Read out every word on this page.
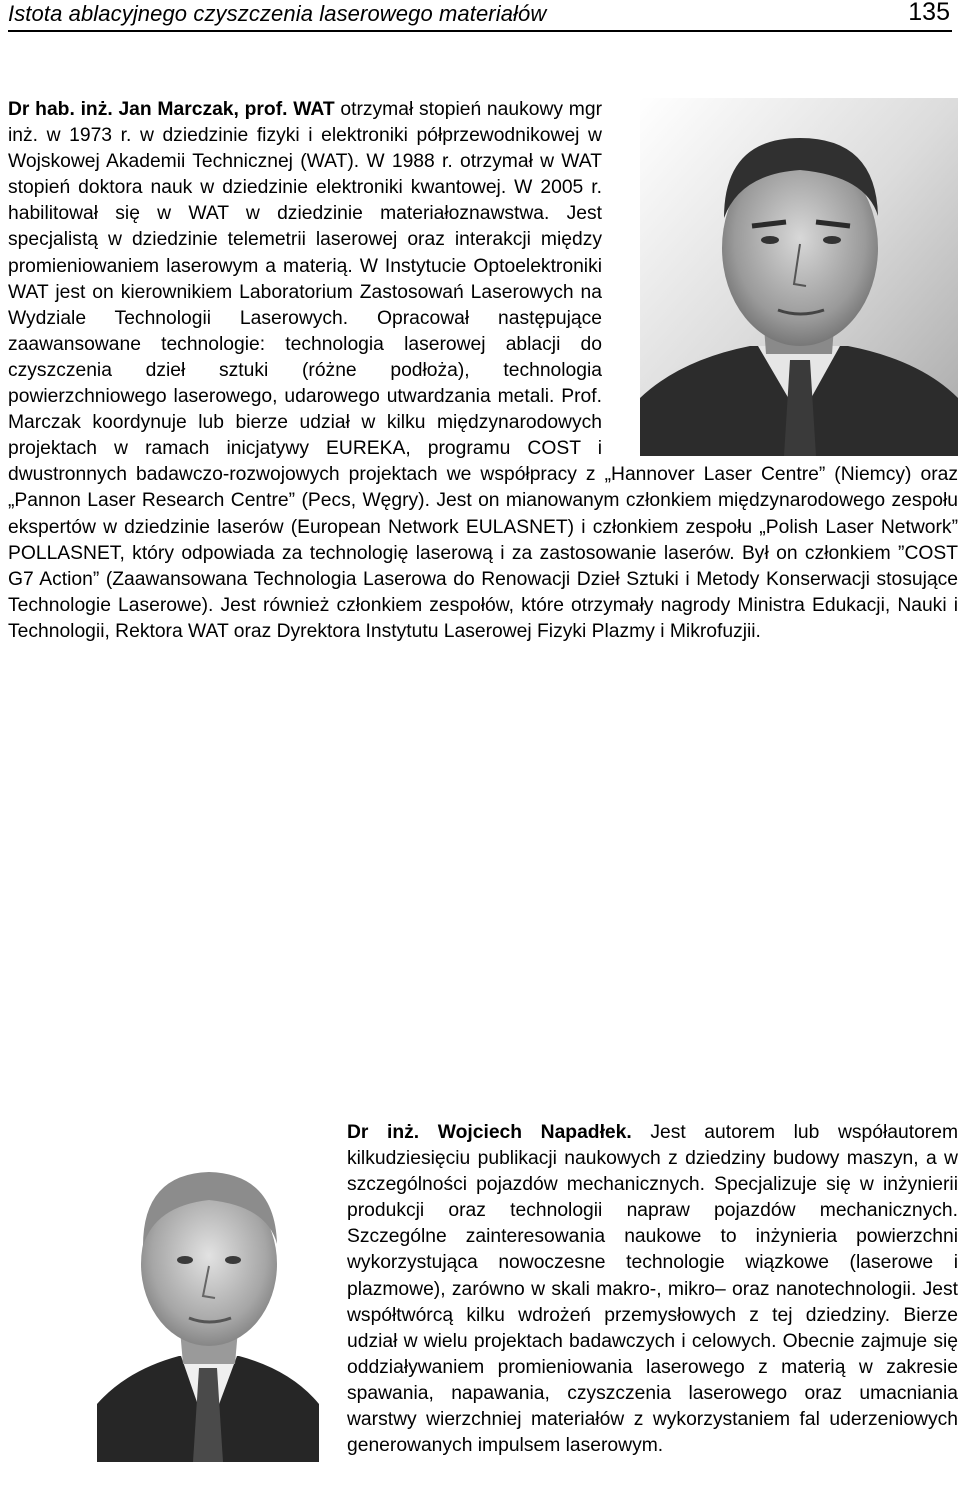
Istota ablacyjnego czyszczenia laserowego materiałów	135
Dr hab. inż. Jan Marczak, prof. WAT otrzymał stopień naukowy mgr inż. w 1973 r. w dziedzinie fizyki i elektroniki półprzewodnikowej w Wojskowej Akademii Technicznej (WAT). W 1988 r. otrzymał w WAT stopień doktora nauk w dziedzinie elektroniki kwantowej. W 2005 r. habilitował się w WAT w dziedzinie materiałoznawstwa. Jest specjalistą w dziedzinie telemetrii laserowej oraz interakcji między promieniowaniem laserowym a materią. W Instytucie Optoelektroniki WAT jest on kierownikiem Laboratorium Zastosowań Laserowych na Wydziale Technologii Laserowych. Opracował następujące zaawansowane technologie: technologia laserowej ablacji do czyszczenia dzieł sztuki (różne podłoża), technologia powierzchniowego laserowego, udarowego utwardzania metali. Prof. Marczak koordynuje lub bierze udział w kilku międzynarodowych projektach w ramach inicjatywy EUREKA, programu COST i dwustronnych badawczo-rozwojowych projektach we współpracy z „Hannover Laser Centre” (Niemcy) oraz „Pannon Laser Research Centre” (Pecs, Węgry). Jest on mianowanym członkiem międzynarodowego zespołu ekspertów w dziedzinie laserów (European Network EULASNET) i członkiem zespołu „Polish Laser Network” POLLASNET, który odpowiada za technologię laserową i za zastosowanie laserów. Był on członkiem ”COST G7 Action” (Zaawansowana Technologia Laserowa do Renowacji Dzieł Sztuki i Metody Konserwacji stosujące Technologie Laserowe). Jest również członkiem zespołów, które otrzymały nagrody Ministra Edukacji, Nauki i Technologii, Rektora WAT oraz Dyrektora Instytutu Laserowej Fizyki Plazmy i Mikrofuzjii.
Dr inż. Wojciech Napadłek. Jest autorem lub współautorem kilkudziesięciu publikacji naukowych z dziedziny budowy maszyn, a w szczególności pojazdów mechanicznych. Specjalizuje się w inżynierii produkcji oraz technologii napraw pojazdów mechanicznych. Szczególne zainteresowania naukowe to inżynieria powierzchni wykorzystująca nowoczesne technologie wiązkowe (laserowe i plazmowe), zarówno w skali makro-, mikro– oraz nanotechnologii. Jest współtwórcą kilku wdrożeń przemysłowych z tej dziedziny. Bierze udział w wielu projektach badawczych i celowych. Obecnie zajmuje się oddziaływaniem promieniowania laserowego z materią w zakresie spawania, napawania, czyszczenia laserowego oraz umacniania warstwy wierzchniej materiałów z wykorzystaniem fal uderzeniowych generowanych impulsem laserowym.
